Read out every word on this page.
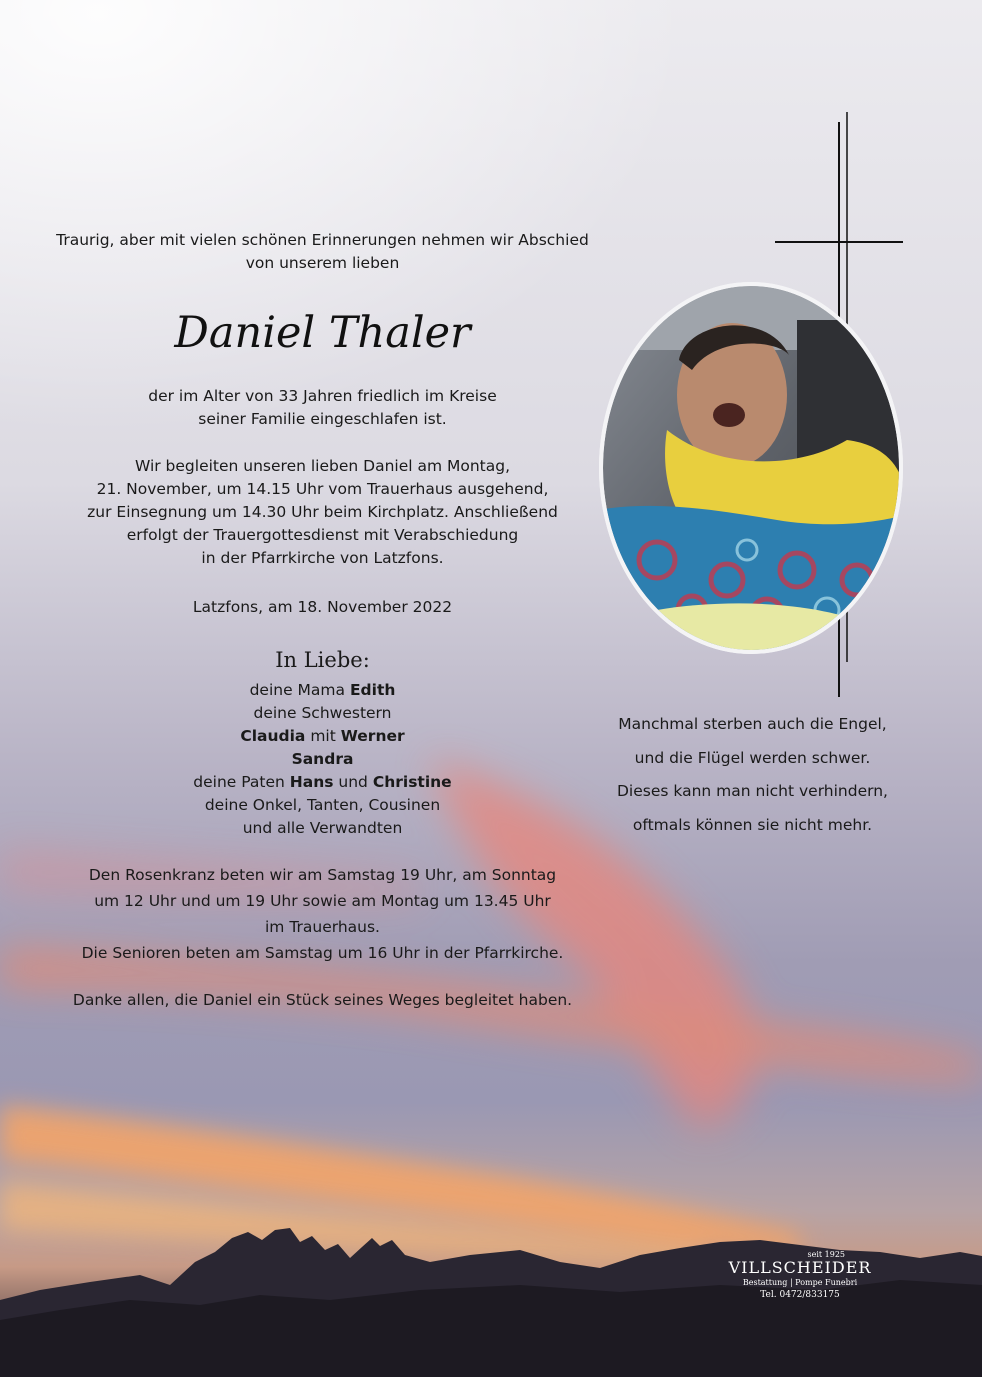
Traurig, aber mit vielen schönen Erinnerungen nehmen wir Abschied
von unserem lieben
Daniel Thaler
der im Alter von 33 Jahren friedlich im Kreise
seiner Familie eingeschlafen ist.
Wir begleiten unseren lieben Daniel am Montag,
21. November, um 14.15 Uhr vom Trauerhaus ausgehend,
zur Einsegnung um 14.30 Uhr beim Kirchplatz. Anschließend
erfolgt der Trauergottesdienst mit Verabschiedung
in der Pfarrkirche von Latzfons.
Latzfons, am 18. November 2022
In Liebe:
deine Mama Edith
deine Schwestern
Claudia mit Werner
Sandra
deine Paten Hans und Christine
deine Onkel, Tanten, Cousinen
und alle Verwandten
Den Rosenkranz beten wir am Samstag 19 Uhr, am Sonntag
um 12 Uhr und um 19 Uhr sowie am Montag um 13.45 Uhr
im Trauerhaus.
Die Senioren beten am Samstag um 16 Uhr in der Pfarrkirche.
Danke allen, die Daniel ein Stück seines Weges begleitet haben.
Manchmal sterben auch die Engel,
und die Flügel werden schwer.
Dieses kann man nicht verhindern,
oftmals können sie nicht mehr.
seit 1925
VILLSCHEIDER
Bestattung | Pompe Funebri
Tel. 0472/833175
